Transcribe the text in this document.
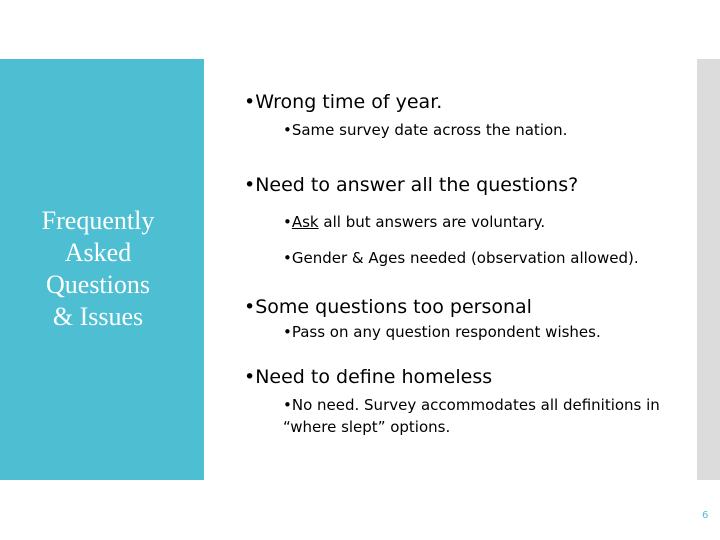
Frequently
Asked
Questions
& Issues
•Wrong time of year.
•Same survey date across the nation.
•Need to answer all the questions?
•Ask all but answers are voluntary.
•Gender & Ages needed (observation allowed).
•Some questions too personal
•Pass on any question respondent wishes.
•Need to define homeless
•No need. Survey accommodates all definitions in “where slept” options.
6
